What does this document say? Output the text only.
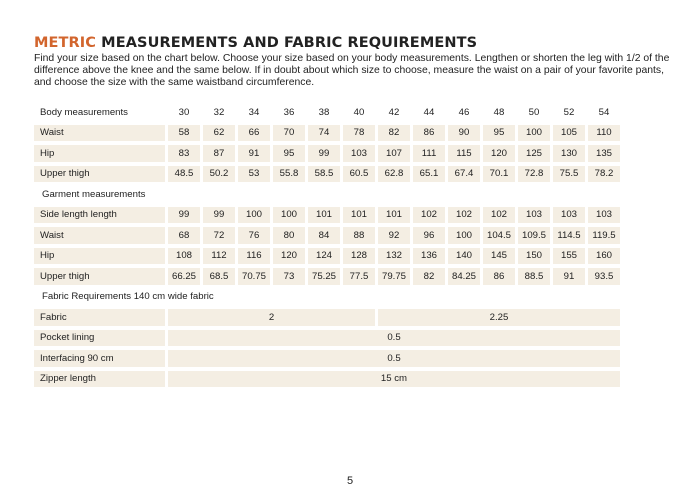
METRIC MEASUREMENTS AND FABRIC REQUIREMENTS
Find your size based on the chart below. Choose your size based on your body measurements. Lengthen or shorten the leg with 1/2 of the difference above the knee and the same below. If in doubt about which size to choose, measure the waist on a pair of your favorite pants, and choose the size with the same waistband circumference.
Body measurements	30	32	34	36	38	40	42	44	46	48	50	52	54
Waist	58	62	66	70	74	78	82	86	90	95	100	105	110
Hip	83	87	91	95	99	103	107	111	115	120	125	130	135
Upper thigh	48.5	50.2	53	55.8	58.5	60.5	62.8	65.1	67.4	70.1	72.8	75.5	78.2
Garment measurements													
Side length length	99	99	100	100	101	101	101	102	102	102	103	103	103
Waist	68	72	76	80	84	88	92	96	100	104.5	109.5	114.5	119.5
Hip	108	112	116	120	124	128	132	136	140	145	150	155	160
Upper thigh	66.25	68.5	70.75	73	75.25	77.5	79.75	82	84.25	86	88.5	91	93.5
Fabric Requirements 140 cm wide fabric													
Fabric	2						2.25						
Pocket lining	0.5												
Interfacing 90 cm	0.5												
Zipper length	15 cm												
5
